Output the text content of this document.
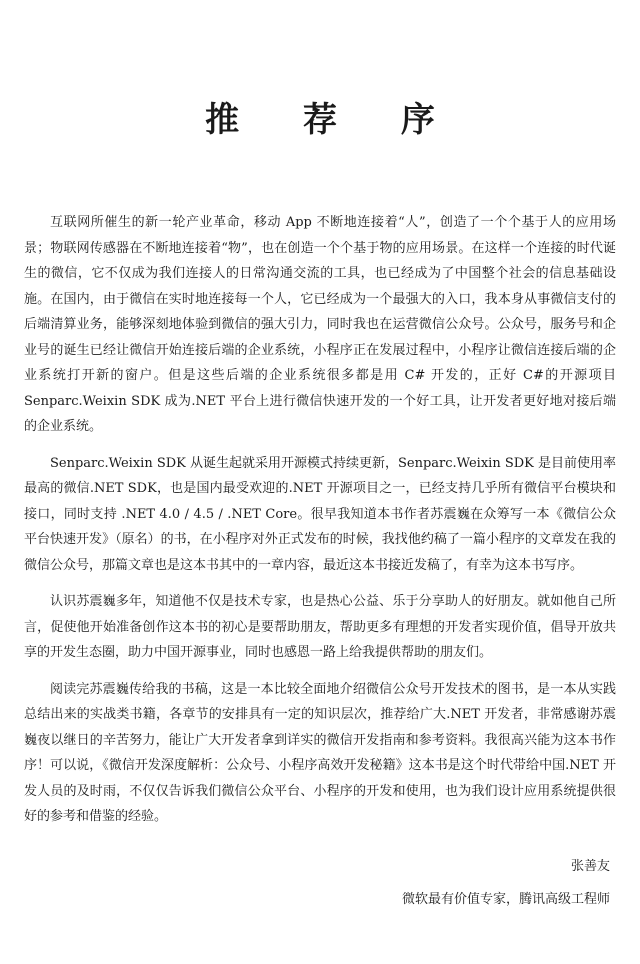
推 荐 序

互联网所催生的新一轮产业革命，移动 App 不断地连接着“人”，创造了一个个基于人的应用场景；物联网传感器在不断地连接着“物”，也在创造一个个基于物的应用场景。在这样一个连接的时代诞生的微信，它不仅成为我们连接人的日常沟通交流的工具，也已经成为了中国整个社会的信息基础设施。在国内，由于微信在实时地连接每一个人，它已经成为一个最强大的入口，我本身从事微信支付的后端清算业务，能够深刻地体验到微信的强大引力，同时我也在运营微信公众号。公众号，服务号和企业号的诞生已经让微信开始连接后端的企业系统，小程序正在发展过程中，小程序让微信连接后端的企业系统打开新的窗户。但是这些后端的企业系统很多都是用 C# 开发的，正好 C#的开源项目 Senparc.Weixin SDK 成为.NET 平台上进行微信快速开发的一个好工具，让开发者更好地对接后端的企业系统。

Senparc.Weixin SDK 从诞生起就采用开源模式持续更新，Senparc.Weixin SDK 是目前使用率最高的微信.NET SDK，也是国内最受欢迎的.NET 开源项目之一，已经支持几乎所有微信平台模块和接口，同时支持 .NET 4.0 / 4.5 / .NET Core。很早我知道本书作者苏震巍在众筹写一本《微信公众平台快速开发》（原名）的书，在小程序对外正式发布的时候，我找他约稿了一篇小程序的文章发在我的微信公众号，那篇文章也是这本书其中的一章内容，最近这本书接近发稿了，有幸为这本书写序。

认识苏震巍多年，知道他不仅是技术专家，也是热心公益、乐于分享助人的好朋友。就如他自己所言，促使他开始准备创作这本书的初心是要帮助朋友，帮助更多有理想的开发者实现价值，倡导开放共享的开发生态圈，助力中国开源事业，同时也感恩一路上给我提供帮助的朋友们。

阅读完苏震巍传给我的书稿，这是一本比较全面地介绍微信公众号开发技术的图书，是一本从实践总结出来的实战类书籍，各章节的安排具有一定的知识层次，推荐给广大.NET 开发者，非常感谢苏震巍夜以继日的辛苦努力，能让广大开发者拿到详实的微信开发指南和参考资料。我很高兴能为这本书作序！可以说，《微信开发深度解析：公众号、小程序高效开发秘籍》这本书是这个时代带给中国.NET 开发人员的及时雨，不仅仅告诉我们微信公众平台、小程序的开发和使用，也为我们设计应用系统提供很好的参考和借鉴的经验。

张善友
微软最有价值专家，腾讯高级工程师
